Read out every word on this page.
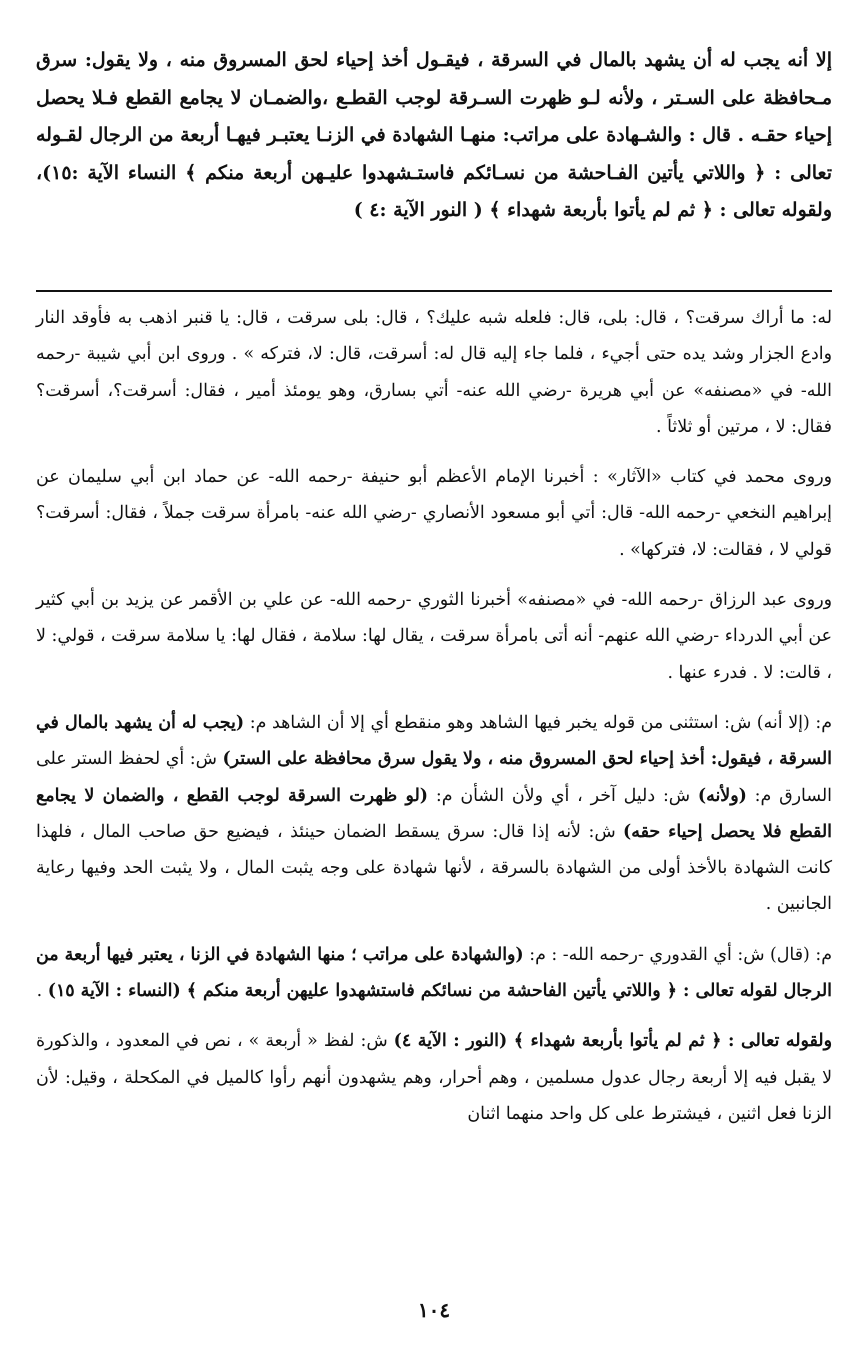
إلا أنه يجب له أن يشهد بالمال في السرقة ، فيقـول أخذ إحياء لحق المسروق منه ، ولا يقول: سرق مـحافظة على السـتر ، ولأنه لـو ظهرت السـرقة لوجب القطـع ،والضمـان لا يجامع القطع فـلا يحصل إحياء حقـه . قال : والشـهادة على مراتب: منهـا الشهادة في الزنـا يعتبـر فيهـا أربعة من الرجال لقـوله تعالى : ﴿ واللاتي يأتين الفـاحشة من نسـائكم فاستـشهدوا عليـهن أربعة منكم ﴾ النساء الآية :١٥)، ولقوله تعالى : ﴿ ثم لم يأتوا بأربعة شهداء ﴾ ( النور الآية :٤ )

له: ما أراك سرقت؟ ، قال: بلى، قال: فلعله شبه عليك؟ ، قال: بلى سرقت ، قال: يا قنبر اذهب به فأوقد النار وادع الجزار وشد يده حتى أجيء ، فلما جاء إليه قال له: أسرقت، قال: لا، فتركه » . وروى ابن أبي شيبة -رحمه الله- في «مصنفه» عن أبي هريرة -رضي الله عنه- أتي بسارق، وهو يومئذ أمير ، فقال: أسرقت؟، أسرقت؟ فقال: لا ، مرتين أو ثلاثاً .

وروى محمد في كتاب «الآثار» : أخبرنا الإمام الأعظم أبو حنيفة -رحمه الله- عن حماد ابن أبي سليمان عن إبراهيم النخعي -رحمه الله- قال: أتي أبو مسعود الأنصاري -رضي الله عنه- بامرأة سرقت جملاً ، فقال: أسرقت؟ قولي لا ، فقالت: لا، فتركها» .

وروى عبد الرزاق -رحمه الله- في «مصنفه» أخبرنا الثوري -رحمه الله- عن علي بن الأقمر عن يزيد بن أبي كثير عن أبي الدرداء -رضي الله عنهم- أنه أتى بامرأة سرقت ، يقال لها: سلامة ، فقال لها: يا سلامة سرقت ، قولي: لا ، قالت: لا . فدرء عنها .

م: (إلا أنه) ش: استثنى من قوله يخبر فيها الشاهد وهو منقطع أي إلا أن الشاهد م: (يجب له أن يشهد بالمال في السرقة ، فيقول: أخذ إحياء لحق المسروق منه ، ولا يقول سرق محافظة على الستر) ش: أي لحفظ الستر على السارق م: (ولأنه) ش: دليل آخر ، أي ولأن الشأن م: (لو ظهرت السرقة لوجب القطع ، والضمان لا يجامع القطع فلا يحصل إحياء حقه) ش: لأنه إذا قال: سرق يسقط الضمان حينئذ ، فيضيع حق صاحب المال ، فلهذا كانت الشهادة بالأخذ أولى من الشهادة بالسرقة ، لأنها شهادة على وجه يثبت المال ، ولا يثبت الحد وفيها رعاية الجانبين .

م: (قال) ش: أي القدوري -رحمه الله- : م: (والشهادة على مراتب ؛ منها الشهادة في الزنا ، يعتبر فيها أربعة من الرجال لقوله تعالى : ﴿ واللاتي يأتين الفاحشة من نسائكم فاستشهدوا عليهن أربعة منكم ﴾ (النساء : الآية ١٥) .

ولقوله تعالى : ﴿ ثم لم يأتوا بأربعة شهداء ﴾ (النور : الآية ٤) ش: لفظ « أربعة » ، نص في المعدود ، والذكورة لا يقبل فيه إلا أربعة رجال عدول مسلمين ، وهم أحرار، وهم يشهدون أنهم رأوا كالميل في المكحلة ، وقيل: لأن الزنا فعل اثنين ، فيشترط على كل واحد منهما اثنان

١٠٤
